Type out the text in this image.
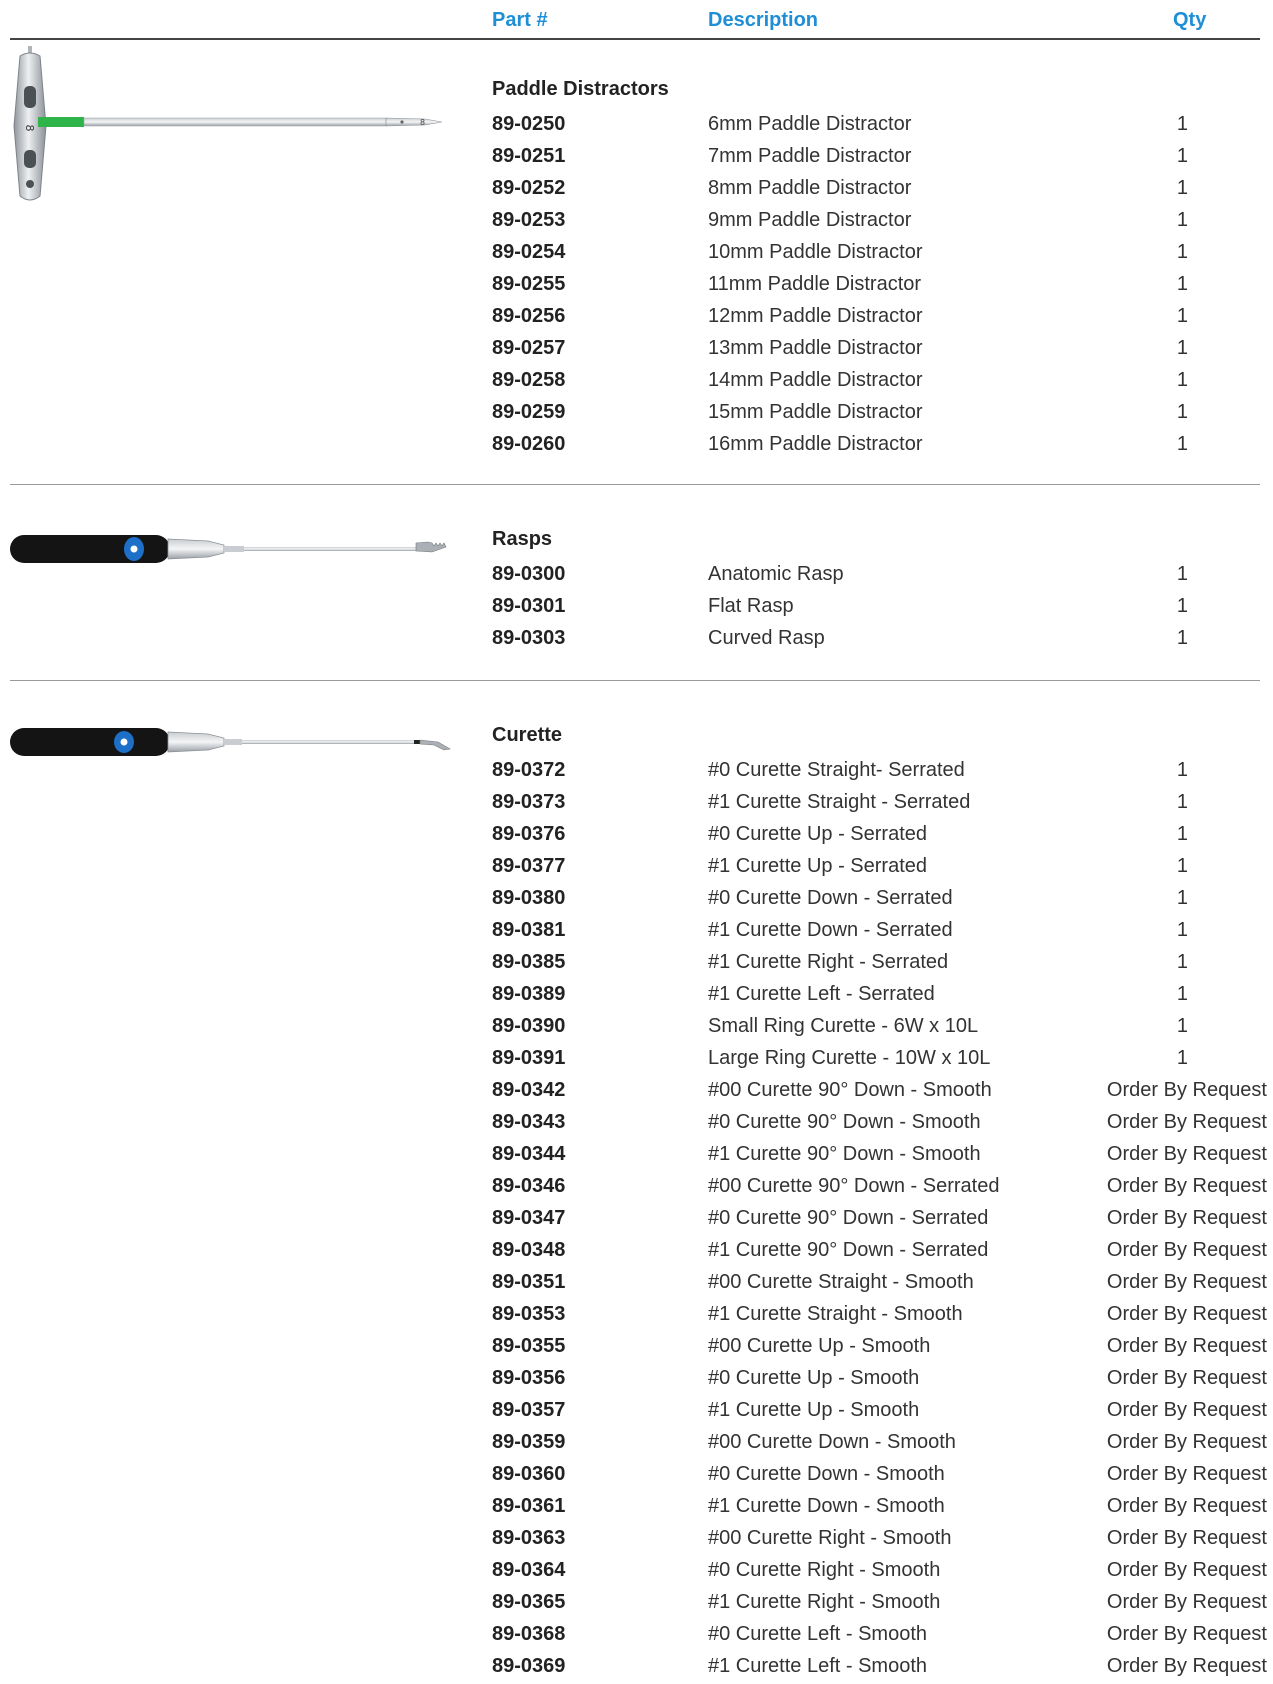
Part #	Description	Qty
8
8
Paddle Distractors
89-0250	6mm Paddle Distractor	1
89-0251	7mm Paddle Distractor	1
89-0252	8mm Paddle Distractor	1
89-0253	9mm Paddle Distractor	1
89-0254	10mm Paddle Distractor	1
89-0255	11mm Paddle Distractor	1
89-0256	12mm Paddle Distractor	1
89-0257	13mm Paddle Distractor	1
89-0258	14mm Paddle Distractor	1
89-0259	15mm Paddle Distractor	1
89-0260	16mm Paddle Distractor	1
Rasps
89-0300	Anatomic Rasp	1
89-0301	Flat Rasp	1
89-0303	Curved Rasp	1
Curette
89-0372	#0 Curette Straight- Serrated	1
89-0373	#1 Curette Straight - Serrated	1
89-0376	#0 Curette Up - Serrated	1
89-0377	#1 Curette Up - Serrated	1
89-0380	#0 Curette Down - Serrated	1
89-0381	#1 Curette Down - Serrated	1
89-0385	#1 Curette Right - Serrated	1
89-0389	#1 Curette Left - Serrated	1
89-0390	Small Ring Curette - 6W x 10L	1
89-0391	Large Ring Curette - 10W x 10L	1
89-0342	#00 Curette 90° Down - Smooth	Order By Request
89-0343	#0 Curette 90° Down - Smooth	Order By Request
89-0344	#1 Curette 90° Down - Smooth	Order By Request
89-0346	#00 Curette 90° Down - Serrated	Order By Request
89-0347	#0 Curette 90° Down - Serrated	Order By Request
89-0348	#1 Curette 90° Down - Serrated	Order By Request
89-0351	#00 Curette Straight - Smooth	Order By Request
89-0353	#1 Curette Straight - Smooth	Order By Request
89-0355	#00 Curette Up - Smooth	Order By Request
89-0356	#0 Curette Up - Smooth	Order By Request
89-0357	#1 Curette Up - Smooth	Order By Request
89-0359	#00 Curette Down - Smooth	Order By Request
89-0360	#0 Curette Down - Smooth	Order By Request
89-0361	#1 Curette Down - Smooth	Order By Request
89-0363	#00 Curette Right - Smooth	Order By Request
89-0364	#0 Curette Right - Smooth	Order By Request
89-0365	#1 Curette Right - Smooth	Order By Request
89-0368	#0 Curette Left - Smooth	Order By Request
89-0369	#1 Curette Left - Smooth	Order By Request
